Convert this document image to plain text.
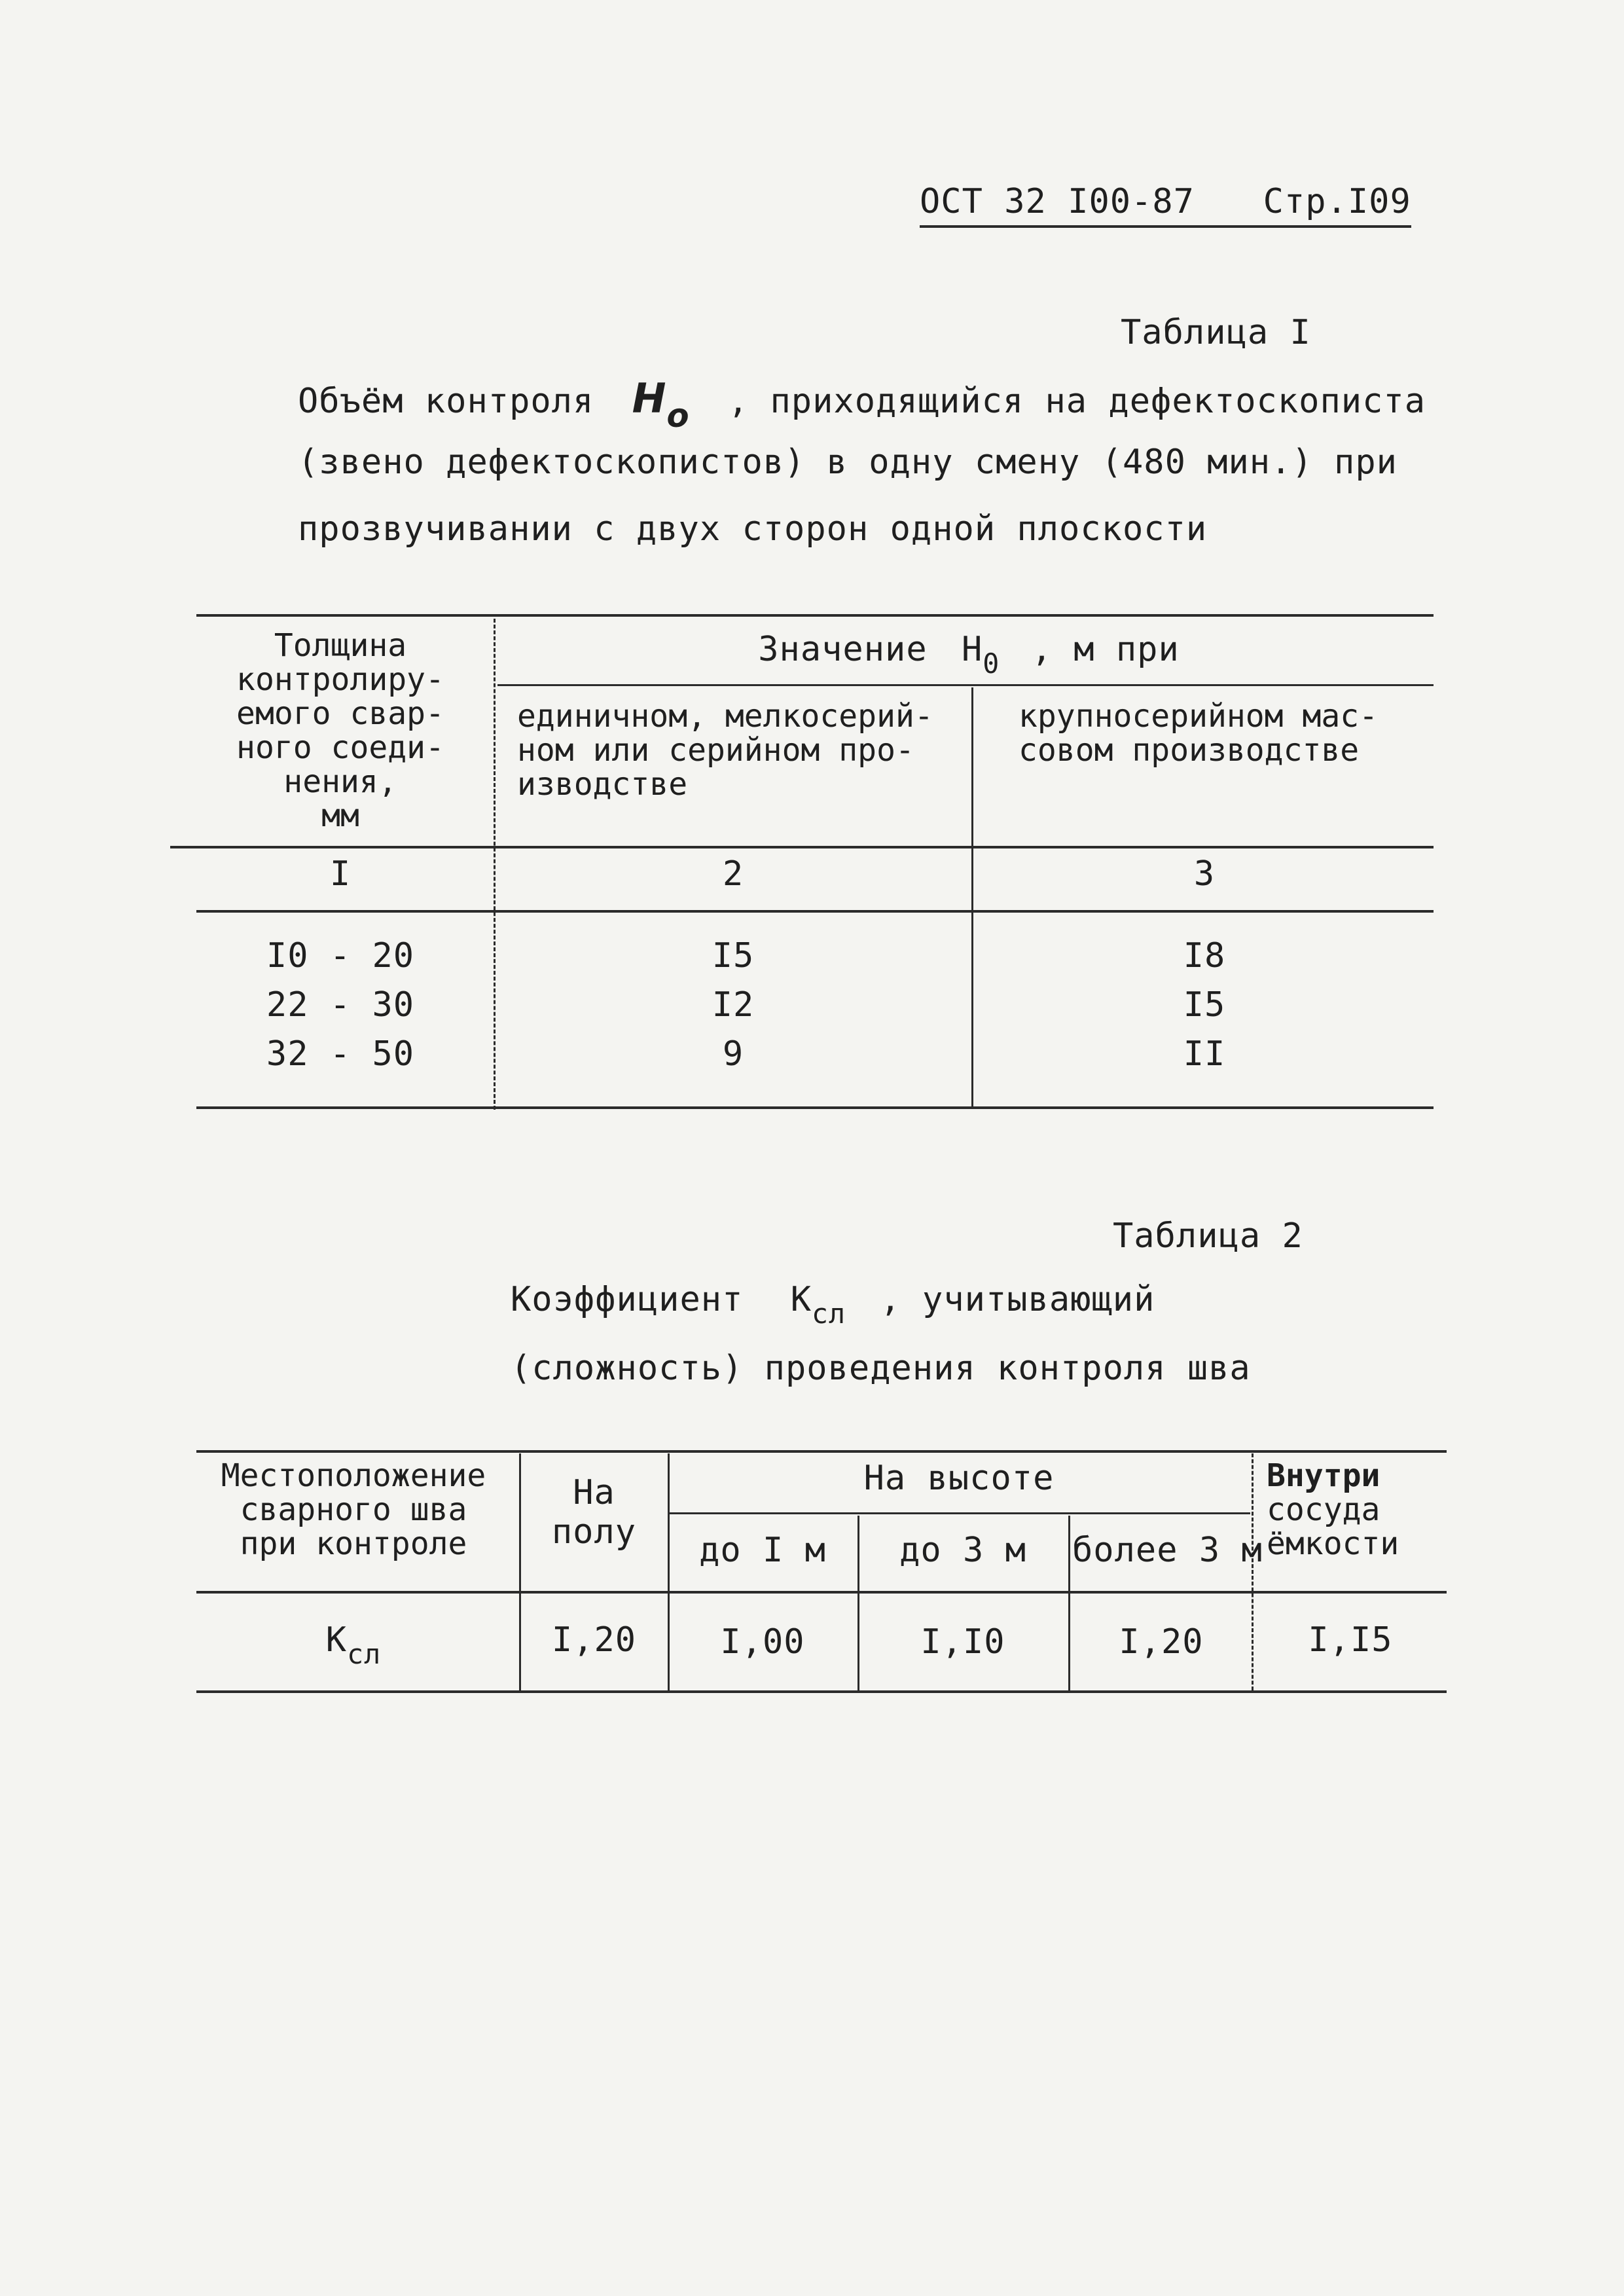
ОСТ 32 I00-87 Стр.I09
Таблица I
Объём контроля $H_o$ , приходящийся на дефектоскописта
(звено дефектоскопистов) в одну смену (480 мин.) при
прозвучивании с двух сторон одной плоскости
Толщина
контролиру-
емого свар-
ного соеди-
нения,
мм
Значение $H_0$ , м при
единичном, мелкосерий-
ном или серийном про-
изводстве
крупносерийном мас-
совом производстве
I	2	3
I0 - 20	I5	I8
22 - 30	I2	I5
32 - 50	9	II
Таблица 2
Коэффициент $К_{сл}$ , учитывающий
(сложность) проведения контроля шва
Местоположение
сварного шва
при контроле
На
полу
На высоте
до I м	до 3 м	более 3 м
Внутри
сосуда
ёмкости
$К_{сл}$	I,20	I,00	I,I0	I,20	I,I5
